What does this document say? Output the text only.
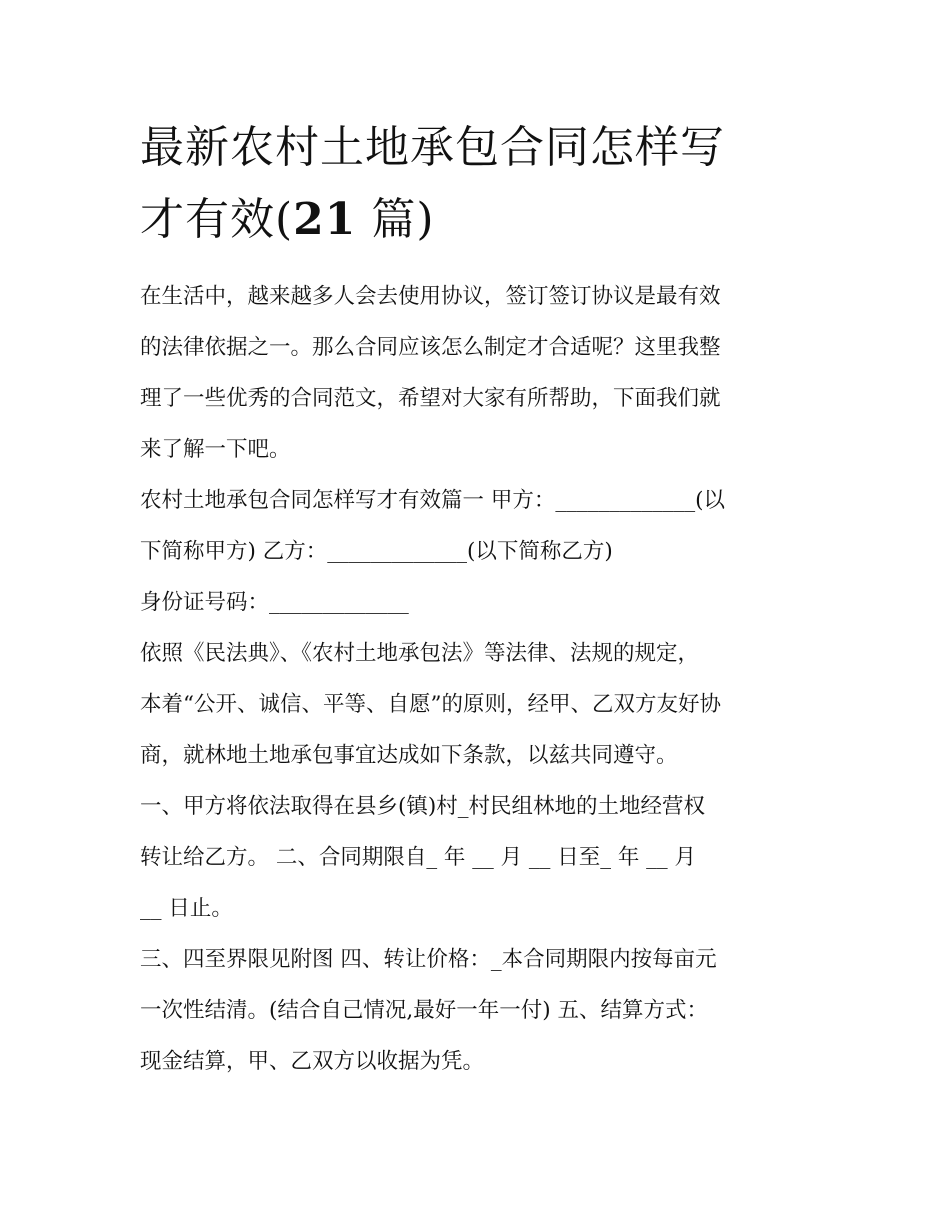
最新农村土地承包合同怎样写
才有效(21 篇)

在生活中，越来越多人会去使用协议，签订签订协议是最有效
的法律依据之一。那么合同应该怎么制定才合适呢？这里我整
理了一些优秀的合同范文，希望对大家有所帮助，下面我们就
来了解一下吧。

农村土地承包合同怎样写才有效篇一 甲方：_____________(以
下简称甲方) 乙方：_____________(以下简称乙方)

身份证号码：_____________

依照《民法典》、《农村土地承包法》等法律、法规的规定，
本着“公开、诚信、平等、自愿”的原则，经甲、乙双方友好协
商，就林地土地承包事宜达成如下条款，以兹共同遵守。

一、甲方将依法取得在县乡(镇)村_村民组林地的土地经营权
转让给乙方。 二、合同期限自_ 年 __ 月 __ 日至_ 年 __ 月
__ 日止。

三、四至界限见附图 四、转让价格：_本合同期限内按每亩元
一次性结清。(结合自己情况,最好一年一付) 五、结算方式：
现金结算，甲、乙双方以收据为凭。
